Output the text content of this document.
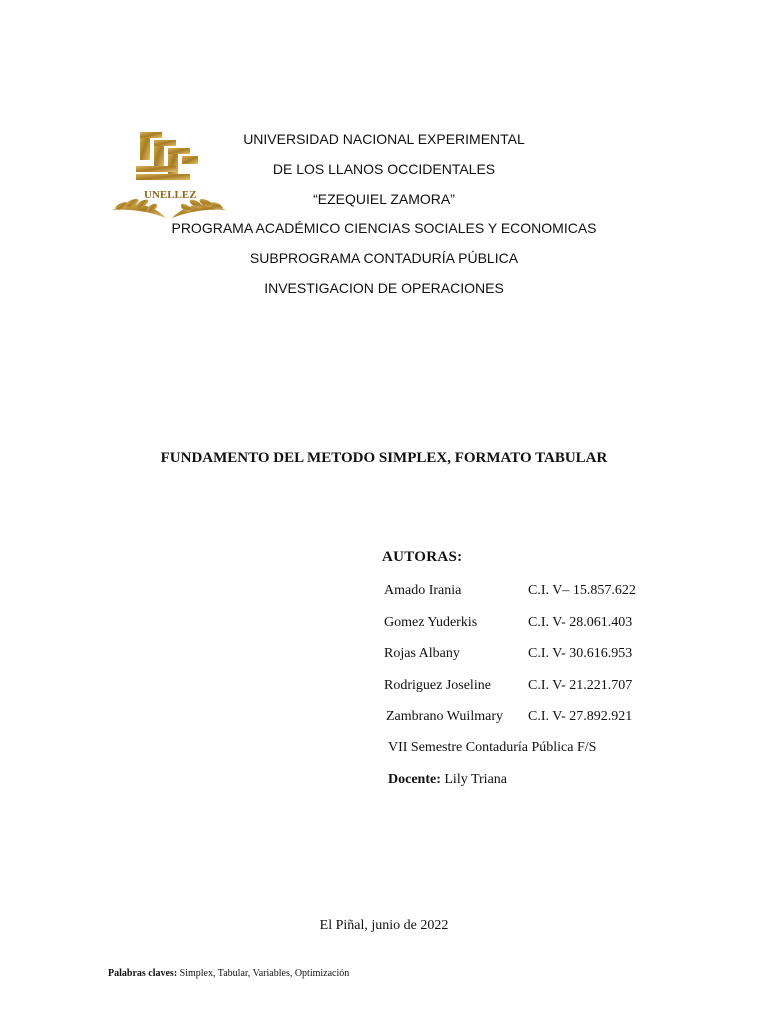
UNELLEZ
UNIVERSIDAD NACIONAL EXPERIMENTAL
DE LOS LLANOS OCCIDENTALES
“EZEQUIEL ZAMORA”
PROGRAMA ACADÉMICO CIENCIAS SOCIALES Y ECONOMICAS
SUBPROGRAMA CONTADURÍA PÚBLICA
INVESTIGACION DE OPERACIONES
FUNDAMENTO DEL METODO SIMPLEX, FORMATO TABULAR
AUTORAS:
Amado Irania	C.I. V– 15.857.622
Gomez Yuderkis	C.I. V- 28.061.403
Rojas Albany	C.I. V- 30.616.953
Rodriguez Joseline	C.I. V- 21.221.707
Zambrano Wuilmary C.I. V- 27.892.921
VII Semestre Contaduría Pública F/S
Docente: Lily Triana
El Piñal, junio de 2022
Palabras claves: Simplex, Tabular, Variables, Optimización
